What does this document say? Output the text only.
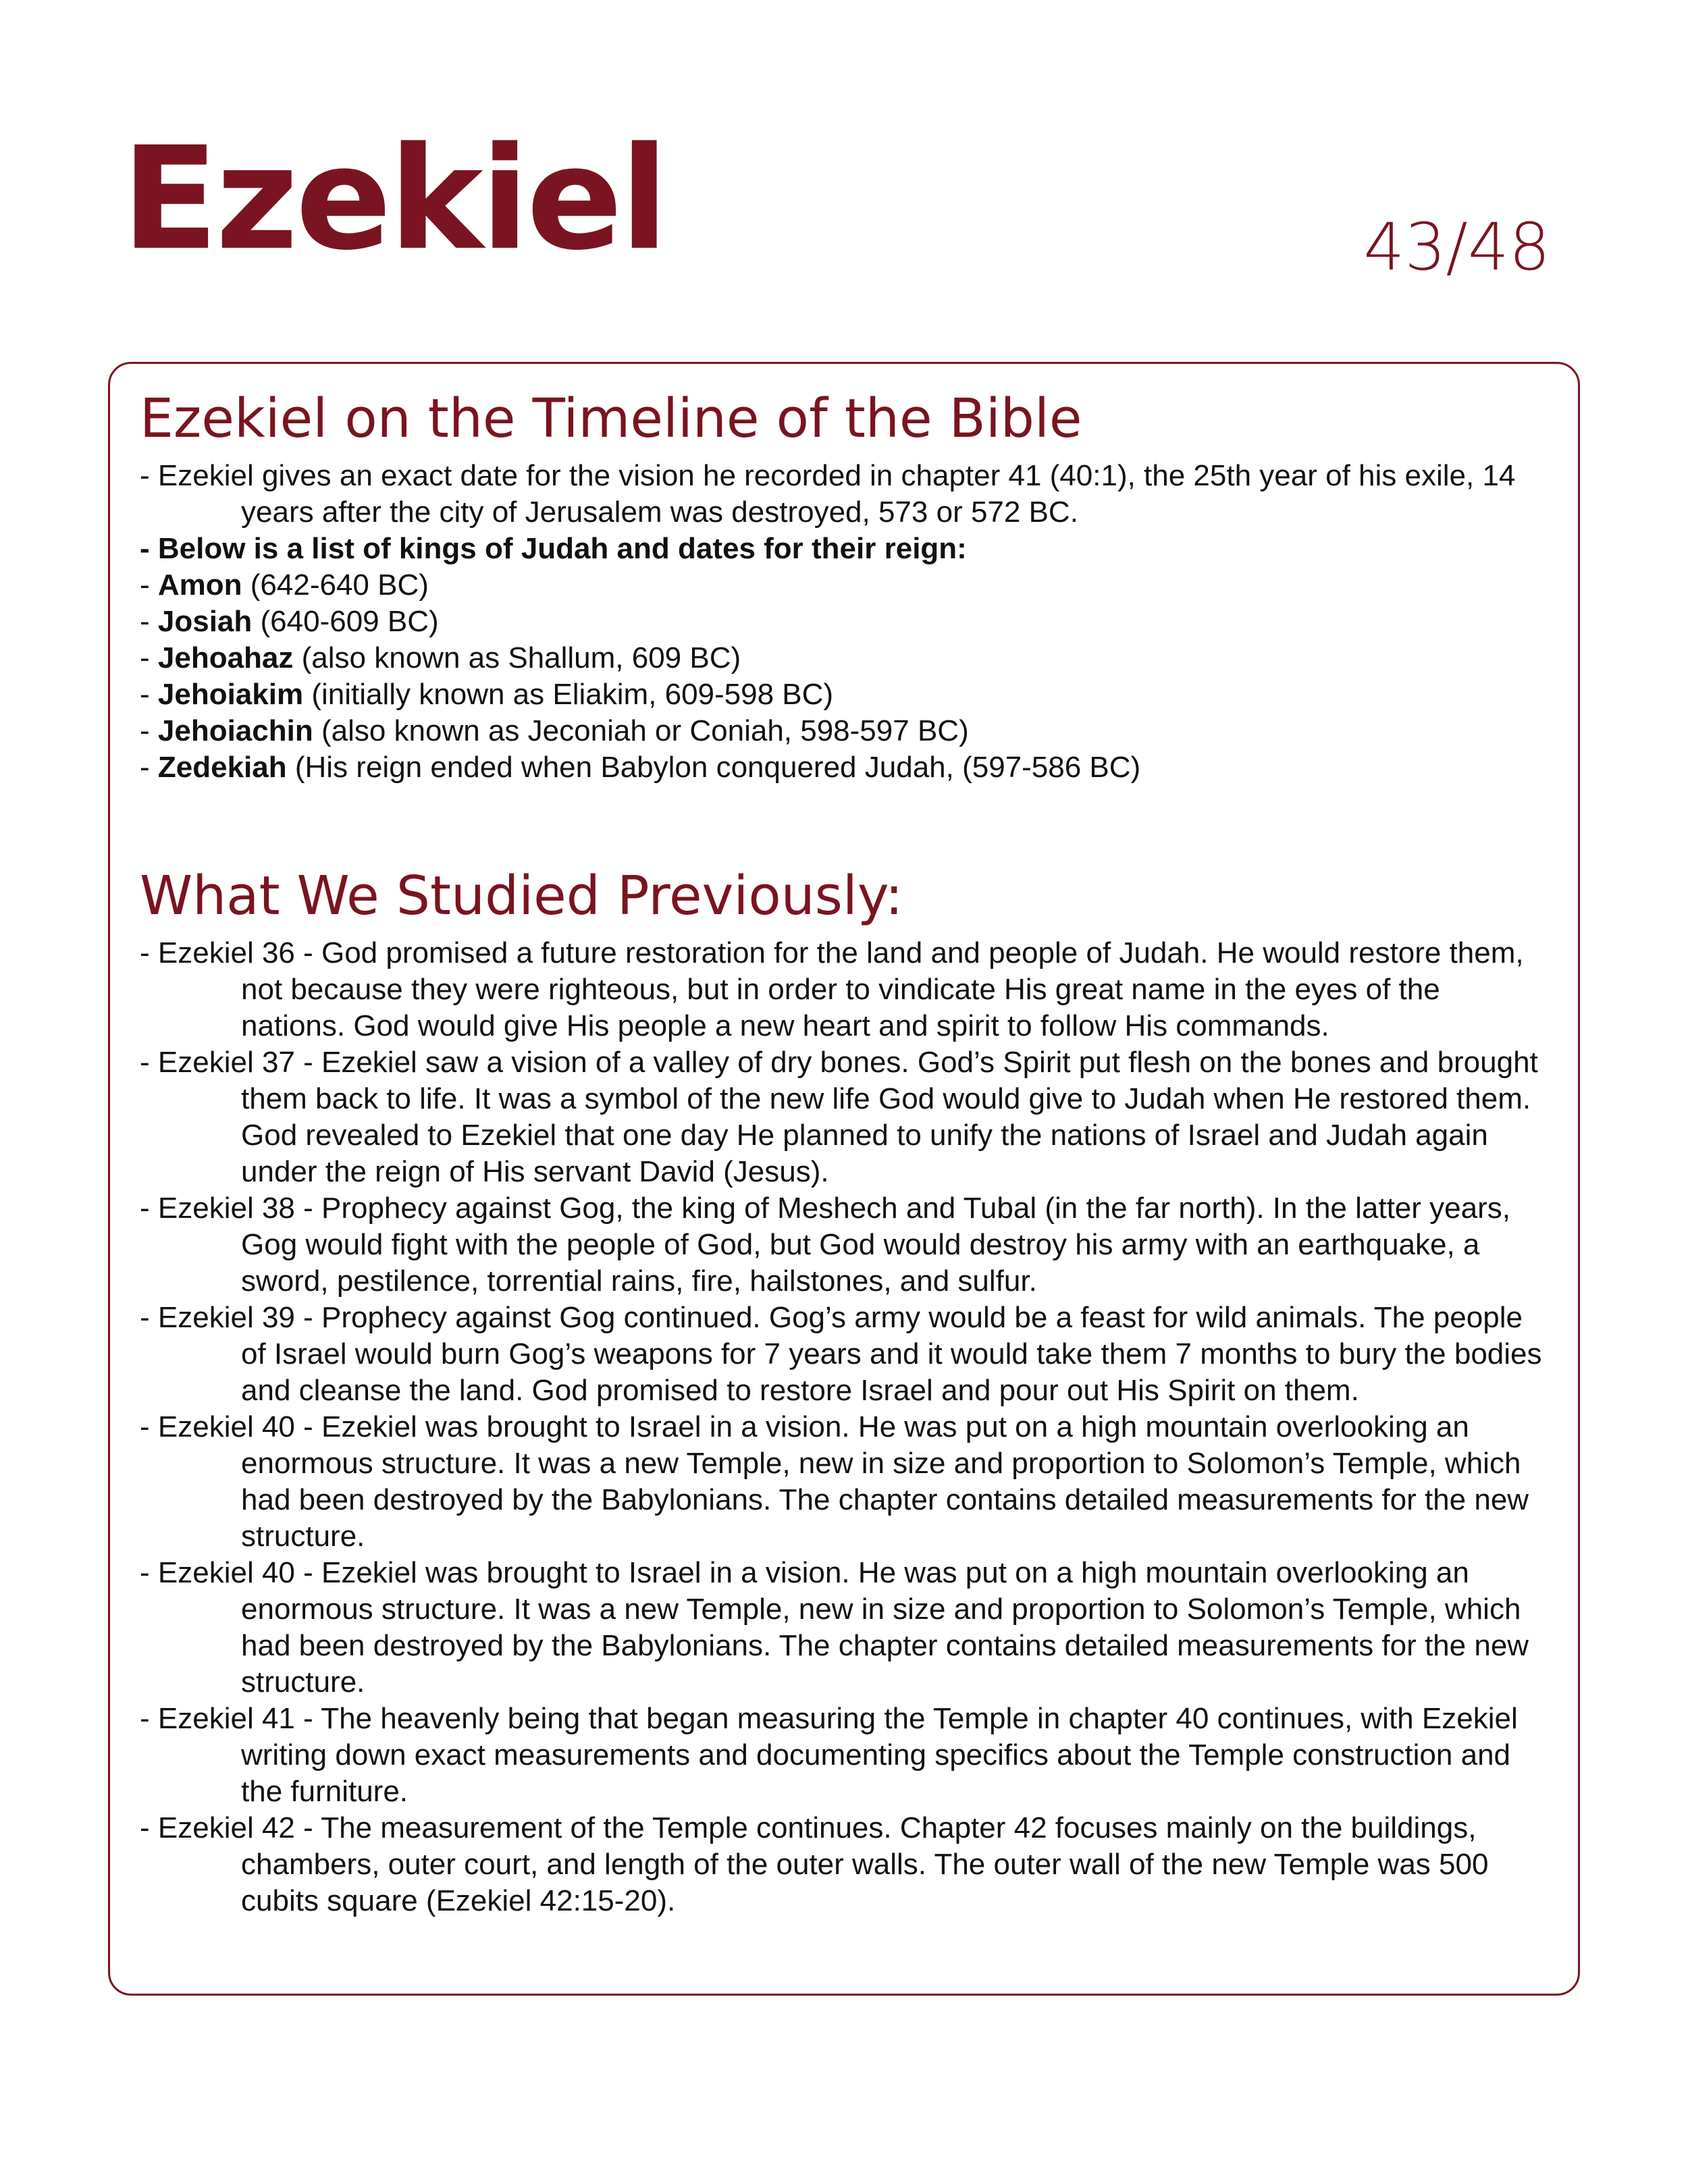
Ezekiel	43/48
Ezekiel on the Timeline of the Bible
- Ezekiel gives an exact date for the vision he recorded in chapter 41 (40:1), the 25th year of his exile, 14 years after the city of Jerusalem was destroyed, 573 or 572 BC.
- Below is a list of kings of Judah and dates for their reign:
- Amon (642-640 BC)
- Josiah (640-609 BC)
- Jehoahaz (also known as Shallum, 609 BC)
- Jehoiakim (initially known as Eliakim, 609-598 BC)
- Jehoiachin (also known as Jeconiah or Coniah, 598-597 BC)
- Zedekiah (His reign ended when Babylon conquered Judah, (597-586 BC)
What We Studied Previously:
- Ezekiel 36 - God promised a future restoration for the land and people of Judah. He would restore them, not because they were righteous, but in order to vindicate His great name in the eyes of the nations. God would give His people a new heart and spirit to follow His commands.
- Ezekiel 37 - Ezekiel saw a vision of a valley of dry bones. God’s Spirit put flesh on the bones and brought them back to life. It was a symbol of the new life God would give to Judah when He restored them. God revealed to Ezekiel that one day He planned to unify the nations of Israel and Judah again under the reign of His servant David (Jesus).
- Ezekiel 38 - Prophecy against Gog, the king of Meshech and Tubal (in the far north). In the latter years, Gog would fight with the people of God, but God would destroy his army with an earthquake, a sword, pestilence, torrential rains, fire, hailstones, and sulfur.
- Ezekiel 39 - Prophecy against Gog continued. Gog’s army would be a feast for wild animals. The people of Israel would burn Gog’s weapons for 7 years and it would take them 7 months to bury the bodies and cleanse the land. God promised to restore Israel and pour out His Spirit on them.
- Ezekiel 40 - Ezekiel was brought to Israel in a vision. He was put on a high mountain overlooking an enormous structure. It was a new Temple, new in size and proportion to Solomon’s Temple, which had been destroyed by the Babylonians. The chapter contains detailed measurements for the new structure.
- Ezekiel 40 - Ezekiel was brought to Israel in a vision. He was put on a high mountain overlooking an enormous structure. It was a new Temple, new in size and proportion to Solomon’s Temple, which had been destroyed by the Babylonians. The chapter contains detailed measurements for the new structure.
- Ezekiel 41 - The heavenly being that began measuring the Temple in chapter 40 continues, with Ezekiel writing down exact measurements and documenting specifics about the Temple construction and the furniture.
- Ezekiel 42 - The measurement of the Temple continues. Chapter 42 focuses mainly on the buildings, chambers, outer court, and length of the outer walls. The outer wall of the new Temple was 500 cubits square (Ezekiel 42:15-20).
